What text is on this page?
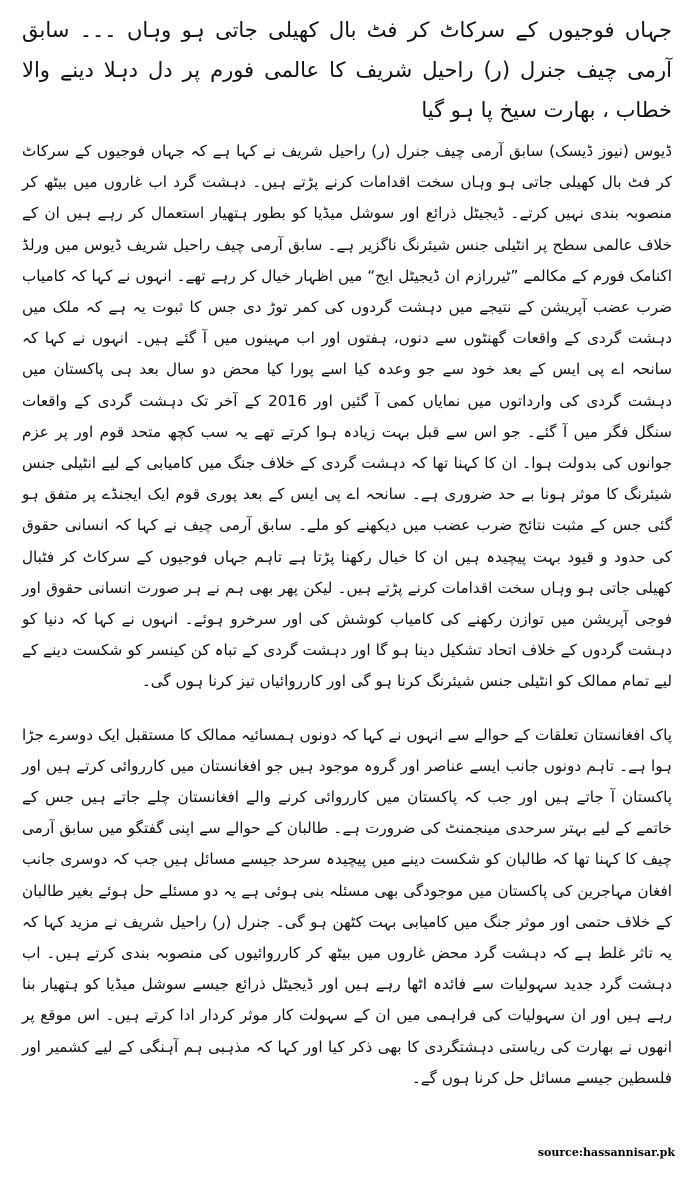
جہاں فوجیوں کے سرکاٹ کر فٹ بال کھیلی جاتی ہو وہاں ۔۔۔ سابق آرمی چیف جنرل (ر) راحیل شریف کا عالمی فورم پر دل دہلا دینے والا خطاب ، بھارت سیخ پا ہو گیا

ڈیوس (نیوز ڈیسک) سابق آرمی چیف جنرل (ر) راحیل شریف نے کہا ہے کہ جہاں فوجیوں کے سرکاٹ کر فٹ بال کھیلی جاتی ہو وہاں سخت اقدامات کرنے پڑتے ہیں۔ دہشت گرد اب غاروں میں بیٹھ کر منصوبہ بندی نہیں کرتے۔ ڈیجیٹل ذرائع اور سوشل میڈیا کو بطور ہتھیار استعمال کر رہے ہیں ان کے خلاف عالمی سطح پر انٹیلی جنس شیئرنگ ناگزیر ہے۔ سابق آرمی چیف راحیل شریف ڈیوس میں ورلڈ اکنامک فورم کے مکالمے ”ٹیررازم ان ڈیجیٹل ایج“ میں اظہار خیال کر رہے تھے۔ انہوں نے کہا کہ کامیاب ضرب عضب آپریشن کے نتیجے میں دہشت گردوں کی کمر توڑ دی جس کا ثبوت یہ ہے کہ ملک میں دہشت گردی کے واقعات گھنٹوں سے دنوں، ہفتوں اور اب مہینوں میں آ گئے ہیں۔ انہوں نے کہا کہ سانحہ اے پی ایس کے بعد خود سے جو وعدہ کیا اسے پورا کیا محض دو سال بعد ہی پاکستان میں دہشت گردی کی وارداتوں میں نمایاں کمی آ گئیں اور 2016 کے آخر تک دہشت گردی کے واقعات سنگل فگر میں آ گئے۔ جو اس سے قبل بہت زیادہ ہوا کرتے تھے یہ سب کچھ متحد قوم اور پر عزم جوانوں کی بدولت ہوا۔ ان کا کہنا تھا کہ دہشت گردی کے خلاف جنگ میں کامیابی کے لیے انٹیلی جنس شیئرنگ کا موثر ہونا بے حد ضروری ہے۔ سانحہ اے پی ایس کے بعد پوری قوم ایک ایجنڈے پر متفق ہو گئی جس کے مثبت نتائج ضرب عضب میں دیکھنے کو ملے۔ سابق آرمی چیف نے کہا کہ انسانی حقوق کی حدود و قیود بہت پیچیدہ ہیں ان کا خیال رکھنا پڑتا ہے تاہم جہاں فوجیوں کے سرکاٹ کر فٹبال کھیلی جاتی ہو وہاں سخت اقدامات کرنے پڑتے ہیں۔ لیکن پھر بھی ہم نے ہر صورت انسانی حقوق اور فوجی آپریشن میں توازن رکھنے کی کامیاب کوشش کی اور سرخرو ہوئے۔ انہوں نے کہا کہ دنیا کو دہشت گردوں کے خلاف اتحاد تشکیل دینا ہو گا اور دہشت گردی کے تباہ کن کینسر کو شکست دینے کے لیے تمام ممالک کو انٹیلی جنس شیئرنگ کرنا ہو گی اور کارروائیاں تیز کرنا ہوں گی۔

پاک افغانستان تعلقات کے حوالے سے انہوں نے کہا کہ دونوں ہمسائیہ ممالک کا مستقبل ایک دوسرے جڑا ہوا ہے۔ تاہم دونوں جانب ایسے عناصر اور گروہ موجود ہیں جو افغانستان میں کارروائی کرتے ہیں اور پاکستان آ جاتے ہیں اور جب کہ پاکستان میں کارروائی کرنے والے افغانستان چلے جاتے ہیں جس کے خاتمے کے لیے بہتر سرحدی مینجمنٹ کی ضرورت ہے۔ طالبان کے حوالے سے اپنی گفتگو میں سابق آرمی چیف کا کہنا تھا کہ طالبان کو شکست دینے میں پیچیدہ سرحد جیسے مسائل ہیں جب کہ دوسری جانب افغان مہاجرین کی پاکستان میں موجودگی بھی مسئلہ بنی ہوئی ہے یہ دو مسئلے حل ہوئے بغیر طالبان کے خلاف حتمی اور موثر جنگ میں کامیابی بہت کٹھن ہو گی۔ جنرل (ر) راحیل شریف نے مزید کہا کہ یہ تاثر غلط ہے کہ دہشت گرد محض غاروں میں بیٹھ کر کارروائیوں کی منصوبہ بندی کرتے ہیں۔ اب دہشت گرد جدید سہولیات سے فائدہ اٹھا رہے ہیں اور ڈیجیٹل ذرائع جیسے سوشل میڈیا کو ہتھیار بنا رہے ہیں اور ان سہولیات کی فراہمی میں ان کے سہولت کار موثر کردار ادا کرتے ہیں۔ اس موقع پر انھوں نے بھارت کی ریاستی دہشتگردی کا بھی ذکر کیا اور کہا کہ مذہبی ہم آہنگی کے لیے کشمیر اور فلسطین جیسے مسائل حل کرنا ہوں گے۔

source:hassannisar.pk
